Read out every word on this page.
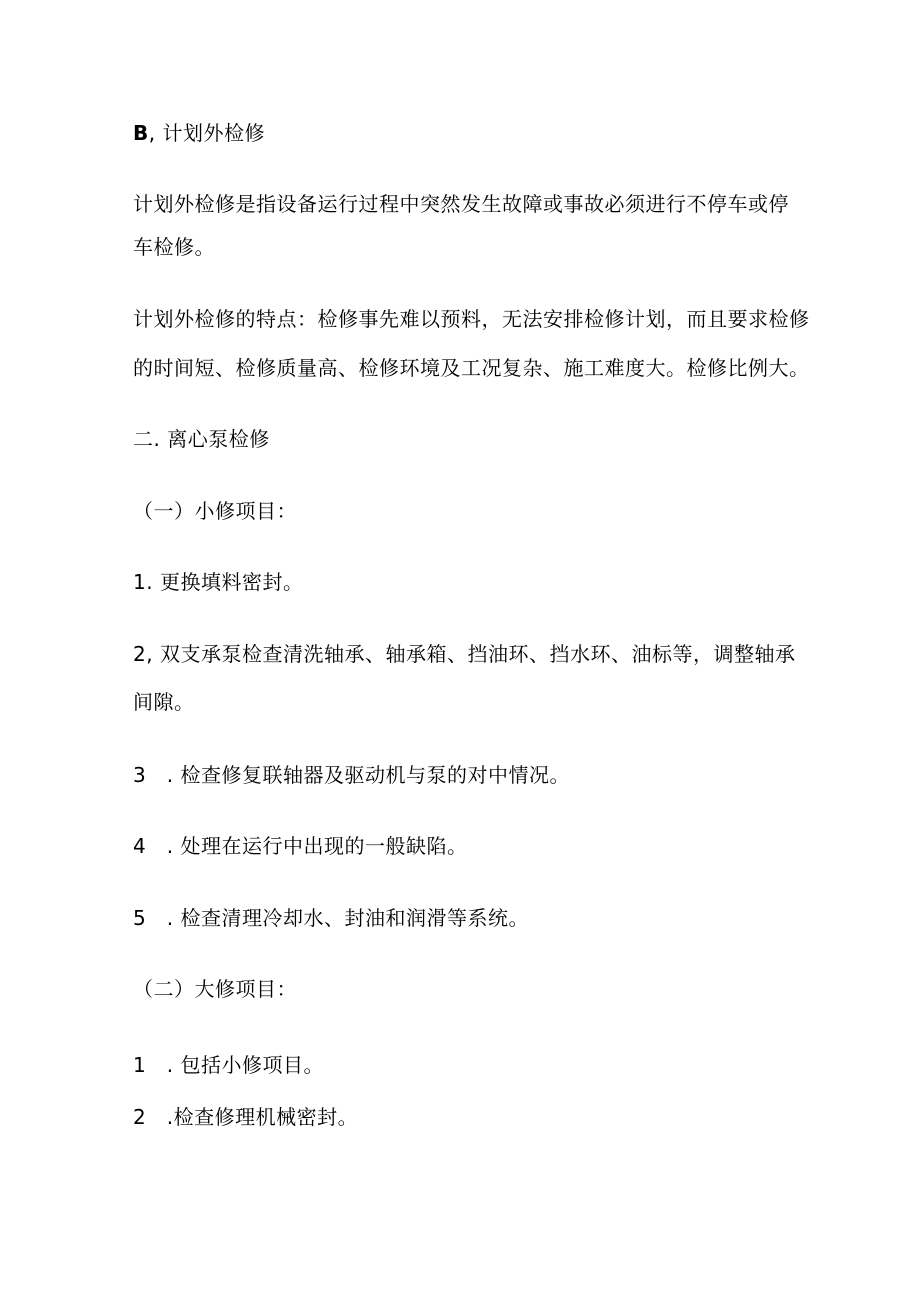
B, 计划外检修
计划外检修是指设备运行过程中突然发生故障或事故必须进行不停车或停
车检修。
计划外检修的特点：检修事先难以预料，无法安排检修计划，而且要求检修
的时间短、检修质量高、检修环境及工况复杂、施工难度大。检修比例大。
二. 离心泵检修
（一）小修项目：
1. 更换填料密封。
2, 双支承泵检查清洗轴承、轴承箱、挡油环、挡水环、油标等，调整轴承
间隙。
3　. 检查修复联轴器及驱动机与泵的对中情况。
4　. 处理在运行中出现的一般缺陷。
5　. 检查清理冷却水、封油和润滑等系统。
（二）大修项目：
1　. 包括小修项目。
2　.检查修理机械密封。
